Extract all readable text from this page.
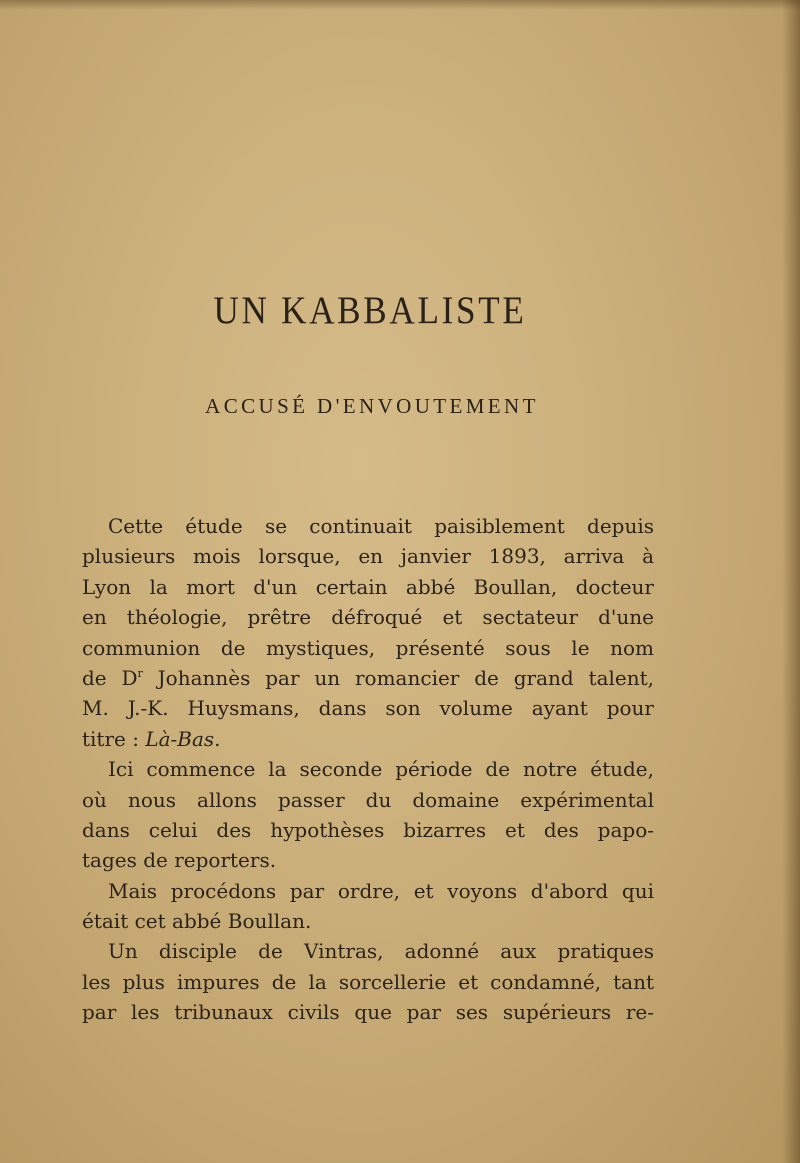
UN KABBALISTE
ACCUSÉ D'ENVOUTEMENT
Cette étude se continuait paisiblement depuis
plusieurs mois lorsque, en janvier 1893, arriva à
Lyon la mort d'un certain abbé Boullan, docteur
en théologie, prêtre défroqué et sectateur d'une
communion de mystiques, présenté sous le nom
de $D^r$ Johannès par un romancier de grand talent,
M. J.-K. Huysmans, dans son volume ayant pour
titre : Là-Bas.
Ici commence la seconde période de notre étude,
où nous allons passer du domaine expérimental
dans celui des hypothèses bizarres et des papo-
tages de reporters.
Mais procédons par ordre, et voyons d'abord qui
était cet abbé Boullan.
Un disciple de Vintras, adonné aux pratiques
les plus impures de la sorcellerie et condamné, tant
par les tribunaux civils que par ses supérieurs re-
